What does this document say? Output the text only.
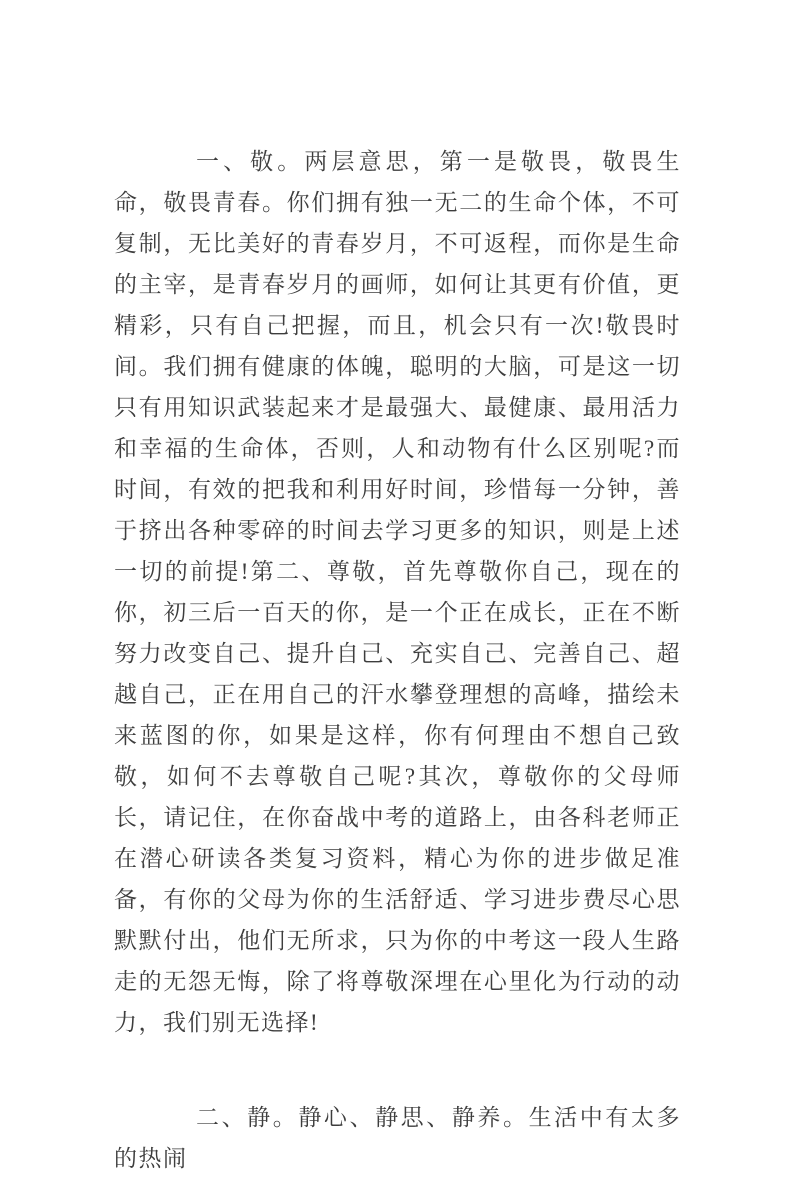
一、敬。两层意思，第一是敬畏，敬畏生命，敬畏青春。你们拥有独一无二的生命个体，不可复制，无比美好的青春岁月，不可返程，而你是生命的主宰，是青春岁月的画师，如何让其更有价值，更精彩，只有自己把握，而且，机会只有一次!敬畏时间。我们拥有健康的体魄，聪明的大脑，可是这一切只有用知识武装起来才是最强大、最健康、最用活力和幸福的生命体，否则，人和动物有什么区别呢?而时间，有效的把我和利用好时间，珍惜每一分钟，善于挤出各种零碎的时间去学习更多的知识，则是上述一切的前提!第二、尊敬，首先尊敬你自己，现在的你，初三后一百天的你，是一个正在成长，正在不断努力改变自己、提升自己、充实自己、完善自己、超越自己，正在用自己的汗水攀登理想的高峰，描绘未来蓝图的你，如果是这样，你有何理由不想自己致敬，如何不去尊敬自己呢?其次，尊敬你的父母师长，请记住，在你奋战中考的道路上，由各科老师正在潜心研读各类复习资料，精心为你的进步做足准备，有你的父母为你的生活舒适、学习进步费尽心思默默付出，他们无所求，只为你的中考这一段人生路走的无怨无悔，除了将尊敬深埋在心里化为行动的动力，我们别无选择!

二、静。静心、静思、静养。生活中有太多的热闹
